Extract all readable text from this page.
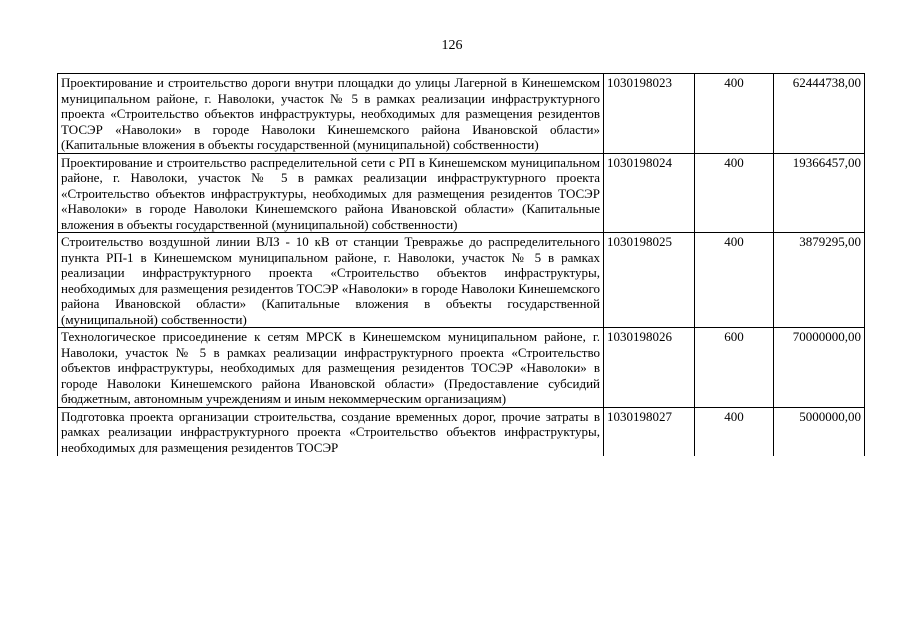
126
Проектирование и строительство дороги внутри площадки до улицы Лагерной в Кинешемском муниципальном районе, г. Наволоки, участок № 5 в рамках реализации инфраструктурного проекта «Строительство объектов инфраструктуры, необходимых для размещения резидентов ТОСЭР «Наволоки» в городе Наволоки Кинешемского района Ивановской области» (Капитальные вложения в объекты государственной (муниципальной) собственности)	1030198023	400	62444738,00
Проектирование и строительство распределительной сети с РП в Кинешемском муниципальном районе, г. Наволоки, участок № 5 в рамках реализации инфраструктурного проекта «Строительство объектов инфраструктуры, необходимых для размещения резидентов ТОСЭР «Наволоки» в городе Наволоки Кинешемского района Ивановской области» (Капитальные вложения в объекты государственной (муниципальной) собственности)	1030198024	400	19366457,00
Строительство воздушной линии ВЛЗ - 10 кВ от станции Тревражье до распределительного пункта РП-1 в Кинешемском муниципальном районе, г. Наволоки, участок № 5 в рамках реализации инфраструктурного проекта «Строительство объектов инфраструктуры, необходимых для размещения резидентов ТОСЭР «Наволоки» в городе Наволоки Кинешемского района Ивановской области» (Капитальные вложения в объекты государственной (муниципальной) собственности)	1030198025	400	3879295,00
Технологическое присоединение к сетям МРСК в Кинешемском муниципальном районе, г. Наволоки, участок № 5 в рамках реализации инфраструктурного проекта «Строительство объектов инфраструктуры, необходимых для размещения резидентов ТОСЭР «Наволоки» в городе Наволоки Кинешемского района Ивановской области» (Предоставление субсидий бюджетным, автономным учреждениям и иным некоммерческим организациям)	1030198026	600	70000000,00

Подготовка проекта организации строительства, создание временных дорог, прочие затраты в рамках реализации инфраструктурного проекта «Строительство объектов инфраструктуры, необходимых для размещения резидентов ТОСЭР	1030198027	400	5000000,00
